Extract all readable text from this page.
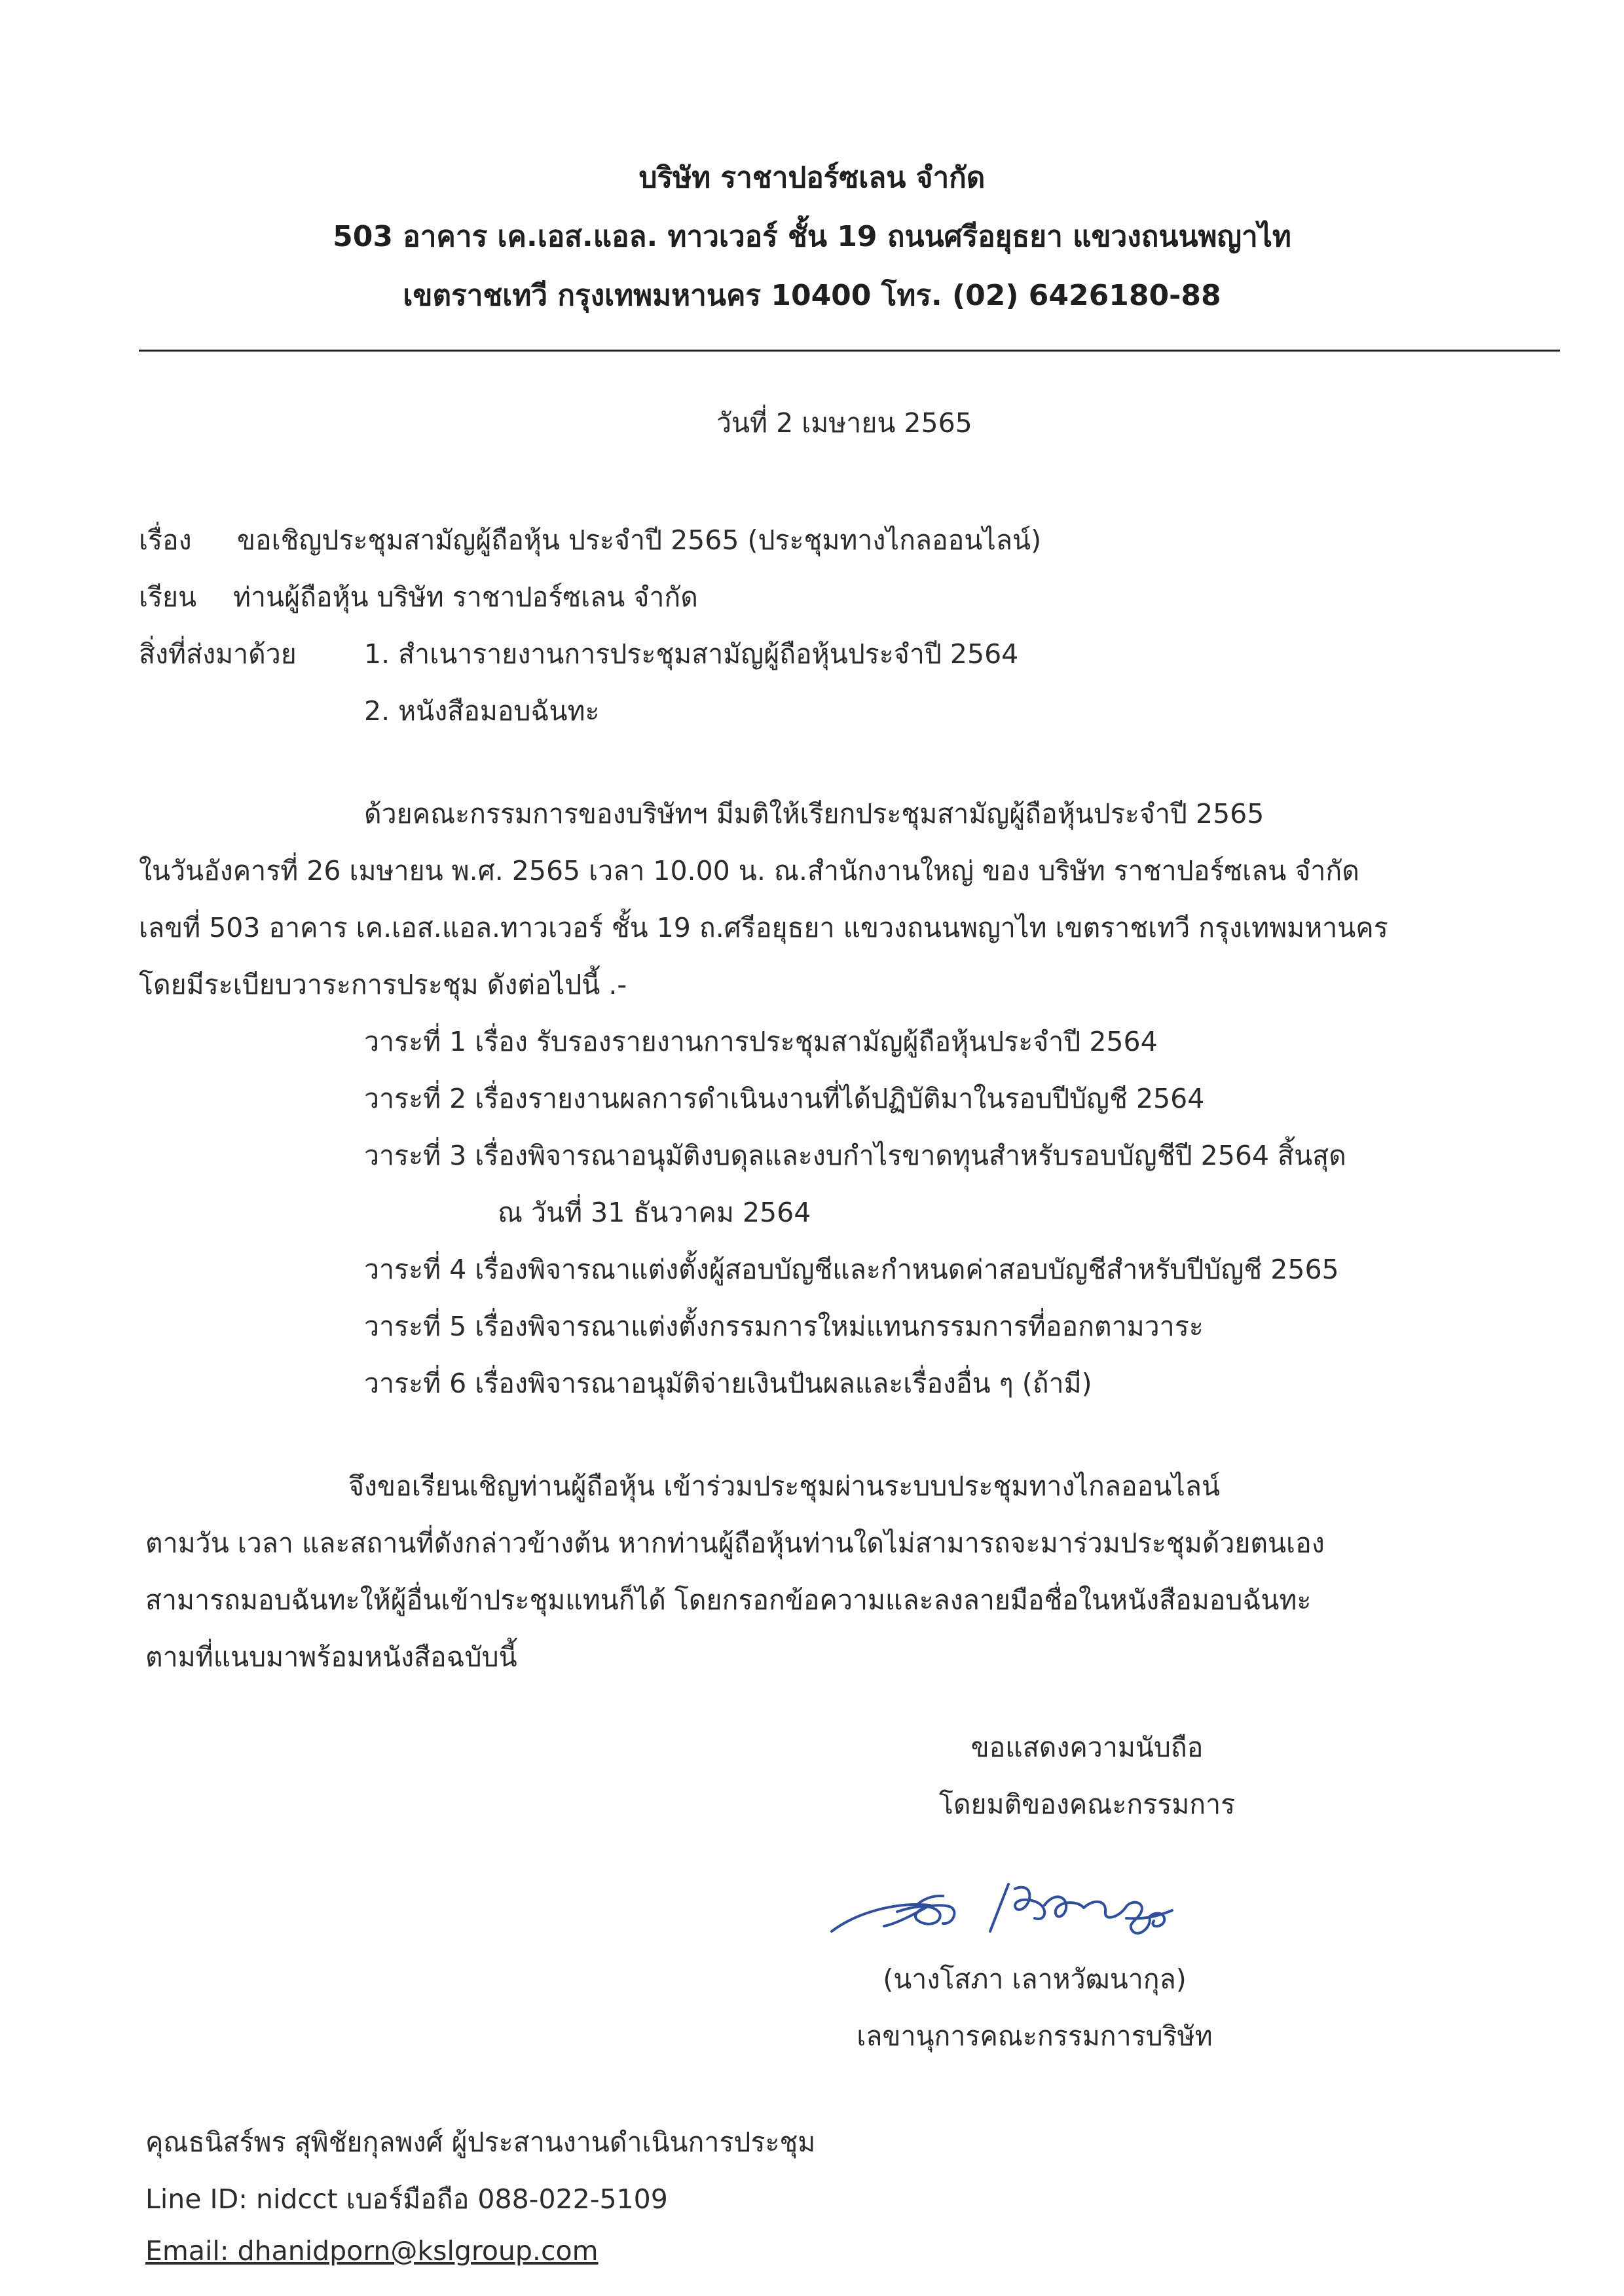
บริษัท ราชาปอร์ซเลน จำกัด
503 อาคาร เค.เอส.แอล. ทาวเวอร์ ชั้น 19 ถนนศรีอยุธยา แขวงถนนพญาไท
เขตราชเทวี กรุงเทพมหานคร 10400 โทร. (02) 6426180-88
วันที่ 2 เมษายน 2565
เรื่อง ขอเชิญประชุมสามัญผู้ถือหุ้น ประจำปี 2565 (ประชุมทางไกลออนไลน์)
เรียน ท่านผู้ถือหุ้น บริษัท ราชาปอร์ซเลน จำกัด
สิ่งที่ส่งมาด้วย	1. สำเนารายงานการประชุมสามัญผู้ถือหุ้นประจำปี 2564
2. หนังสือมอบฉันทะ
ด้วยคณะกรรมการของบริษัทฯ มีมติให้เรียกประชุมสามัญผู้ถือหุ้นประจำปี 2565
ในวันอังคารที่ 26 เมษายน พ.ศ. 2565 เวลา 10.00 น. ณ.สำนักงานใหญ่ ของ บริษัท ราชาปอร์ซเลน จำกัด
เลขที่ 503 อาคาร เค.เอส.แอล.ทาวเวอร์ ชั้น 19 ถ.ศรีอยุธยา แขวงถนนพญาไท เขตราชเทวี กรุงเทพมหานคร
โดยมีระเบียบวาระการประชุม ดังต่อไปนี้ .-
วาระที่ 1 เรื่อง รับรองรายงานการประชุมสามัญผู้ถือหุ้นประจำปี 2564
วาระที่ 2 เรื่องรายงานผลการดำเนินงานที่ได้ปฏิบัติมาในรอบปีบัญชี 2564
วาระที่ 3 เรื่องพิจารณาอนุมัติงบดุลและงบกำไรขาดทุนสำหรับรอบบัญชีปี 2564 สิ้นสุด
ณ วันที่ 31 ธันวาคม 2564
วาระที่ 4 เรื่องพิจารณาแต่งตั้งผู้สอบบัญชีและกำหนดค่าสอบบัญชีสำหรับปีบัญชี 2565
วาระที่ 5 เรื่องพิจารณาแต่งตั้งกรรมการใหม่แทนกรรมการที่ออกตามวาระ
วาระที่ 6 เรื่องพิจารณาอนุมัติจ่ายเงินปันผลและเรื่องอื่น ๆ (ถ้ามี)
จึงขอเรียนเชิญท่านผู้ถือหุ้น เข้าร่วมประชุมผ่านระบบประชุมทางไกลออนไลน์
ตามวัน เวลา และสถานที่ดังกล่าวข้างต้น หากท่านผู้ถือหุ้นท่านใดไม่สามารถจะมาร่วมประชุมด้วยตนเอง
สามารถมอบฉันทะให้ผู้อื่นเข้าประชุมแทนก็ได้ โดยกรอกข้อความและลงลายมือชื่อในหนังสือมอบฉันทะ
ตามที่แนบมาพร้อมหนังสือฉบับนี้
ขอแสดงความนับถือ
โดยมติของคณะกรรมการ
(นางโสภา เลาหวัฒนากุล)
เลขานุการคณะกรรมการบริษัท
คุณธนิสร์พร สุพิชัยกุลพงศ์ ผู้ประสานงานดำเนินการประชุม
Line ID: nidcct เบอร์มือถือ 088-022-5109
Email: dhanidporn@kslgroup.com
